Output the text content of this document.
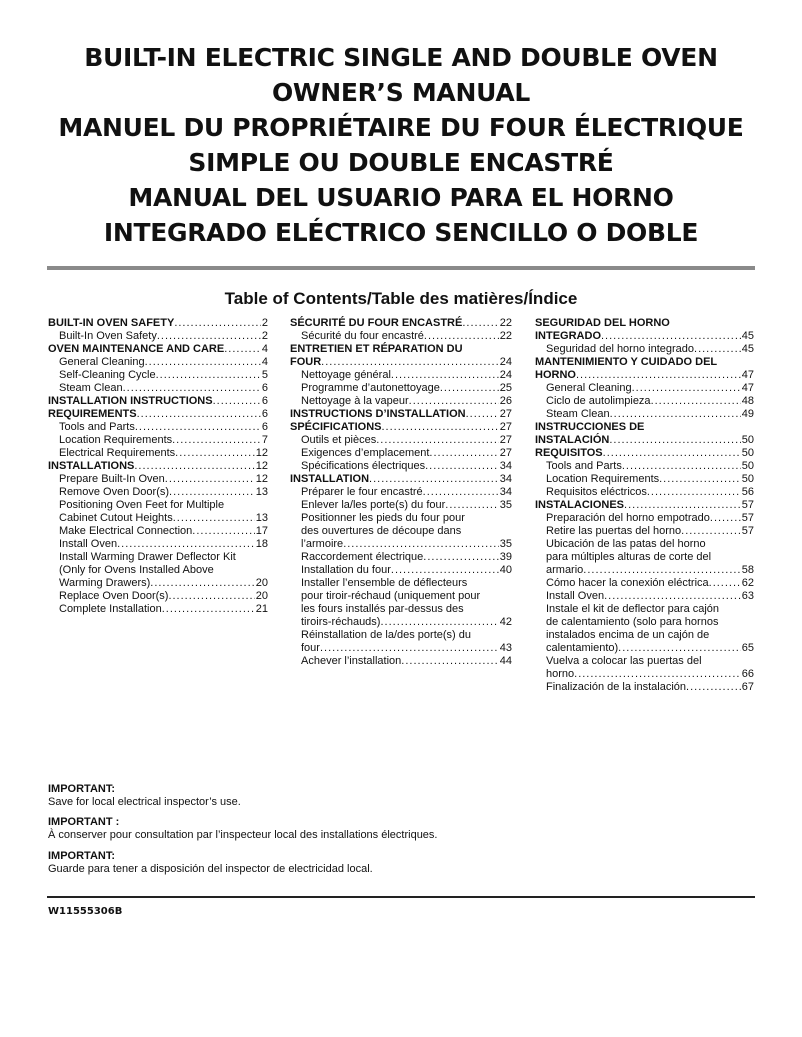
BUILT-IN ELECTRIC SINGLE AND DOUBLE OVEN
OWNER’S MANUAL
MANUEL DU PROPRIÉTAIRE DU FOUR ÉLECTRIQUE
SIMPLE OU DOUBLE ENCASTRÉ
MANUAL DEL USUARIO PARA EL HORNO
INTEGRADO ELÉCTRICO SENCILLO O DOBLE
Table of Contents/Table des matières/Índice
BUILT-IN OVEN SAFETY .....	2
Built-In Oven Safety .....	2
OVEN MAINTENANCE AND CARE .....	4
General Cleaning .....	4
Self-Cleaning Cycle .....	5
Steam Clean .....	6
INSTALLATION INSTRUCTIONS .....	6
REQUIREMENTS .....	6
Tools and Parts .....	6
Location Requirements .....	7
Electrical Requirements .....	12
INSTALLATIONS .....	12
Prepare Built-In Oven .....	12
Remove Oven Door(s) .....	13
Positioning Oven Feet for Multiple
Cabinet Cutout Heights .....	13
Make Electrical Connection .....	17
Install Oven .....	18
Install Warming Drawer Deflector Kit
(Only for Ovens Installed Above
Warming Drawers) .....	20
Replace Oven Door(s) .....	20
Complete Installation .....	21
SÉCURITÉ DU FOUR ENCASTRÉ .....	22
Sécurité du four encastré .....	22
ENTRETIEN ET RÉPARATION DU
FOUR .....	24
Nettoyage général .....	24
Programme d’autonettoyage .....	25
Nettoyage à la vapeur .....	26
INSTRUCTIONS D’INSTALLATION .....	27
SPÉCIFICATIONS .....	27
Outils et pièces .....	27
Exigences d’emplacement .....	27
Spécifications électriques .....	34
INSTALLATION .....	34
Préparer le four encastré .....	34
Enlever la/les porte(s) du four .....	35
Positionner les pieds du four pour
des ouvertures de découpe dans
l’armoire .....	35
Raccordement électrique .....	39
Installation du four .....	40
Installer l’ensemble de déflecteurs
pour tiroir-réchaud (uniquement pour
les fours installés par-dessus des
tiroirs-réchauds) .....	42
Réinstallation de la/des porte(s) du
four .....	43
Achever l’installation .....	44
SEGURIDAD DEL HORNO
INTEGRADO .....	45
Seguridad del horno integrado .....	45
MANTENIMIENTO Y CUIDADO DEL
HORNO .....	47
General Cleaning .....	47
Ciclo de autolimpieza .....	48
Steam Clean .....	49
INSTRUCCIONES DE
INSTALACIÓN .....	50
REQUISITOS .....	50
Tools and Parts .....	50
Location Requirements .....	50
Requisitos eléctricos .....	56
INSTALACIONES .....	57
Preparación del horno empotrado .....	57
Retire las puertas del horno .....	57
Ubicación de las patas del horno
para múltiples alturas de corte del
armario .....	58
Cómo hacer la conexión eléctrica .....	62
Install Oven .....	63
Instale el kit de deflector para cajón
de calentamiento (solo para hornos
instalados encima de un cajón de
calentamiento) .....	65
Vuelva a colocar las puertas del
horno .....	66
Finalización de la instalación .....	67
IMPORTANT:
Save for local electrical inspector’s use.
IMPORTANT :
À conserver pour consultation par l’inspecteur local des installations électriques.
IMPORTANT:
Guarde para tener a disposición del inspector de electricidad local.
W11555306B
